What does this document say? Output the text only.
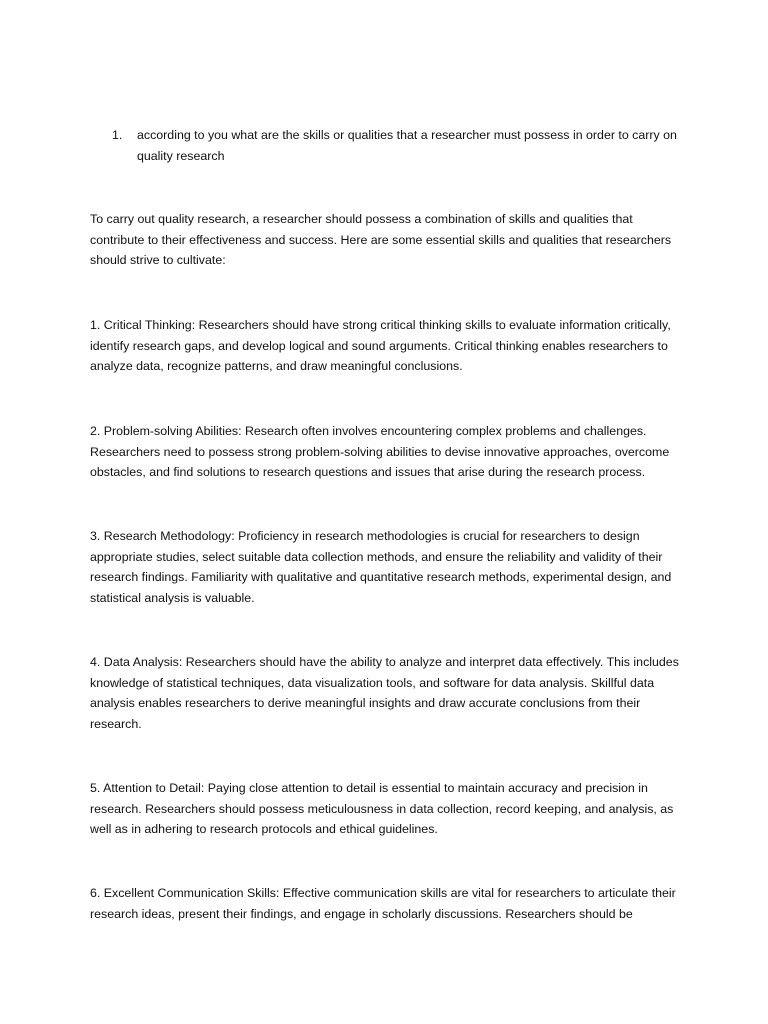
1.	according to you what are the skills or qualities that a researcher must possess in order to carry on quality research

To carry out quality research, a researcher should possess a combination of skills and qualities that contribute to their effectiveness and success. Here are some essential skills and qualities that researchers should strive to cultivate:

1. Critical Thinking: Researchers should have strong critical thinking skills to evaluate information critically, identify research gaps, and develop logical and sound arguments. Critical thinking enables researchers to analyze data, recognize patterns, and draw meaningful conclusions.

2. Problem-solving Abilities: Research often involves encountering complex problems and challenges. Researchers need to possess strong problem-solving abilities to devise innovative approaches, overcome obstacles, and find solutions to research questions and issues that arise during the research process.

3. Research Methodology: Proficiency in research methodologies is crucial for researchers to design appropriate studies, select suitable data collection methods, and ensure the reliability and validity of their research findings. Familiarity with qualitative and quantitative research methods, experimental design, and statistical analysis is valuable.

4. Data Analysis: Researchers should have the ability to analyze and interpret data effectively. This includes knowledge of statistical techniques, data visualization tools, and software for data analysis. Skillful data analysis enables researchers to derive meaningful insights and draw accurate conclusions from their research.

5. Attention to Detail: Paying close attention to detail is essential to maintain accuracy and precision in research. Researchers should possess meticulousness in data collection, record keeping, and analysis, as well as in adhering to research protocols and ethical guidelines.

6. Excellent Communication Skills: Effective communication skills are vital for researchers to articulate their research ideas, present their findings, and engage in scholarly discussions. Researchers should be
